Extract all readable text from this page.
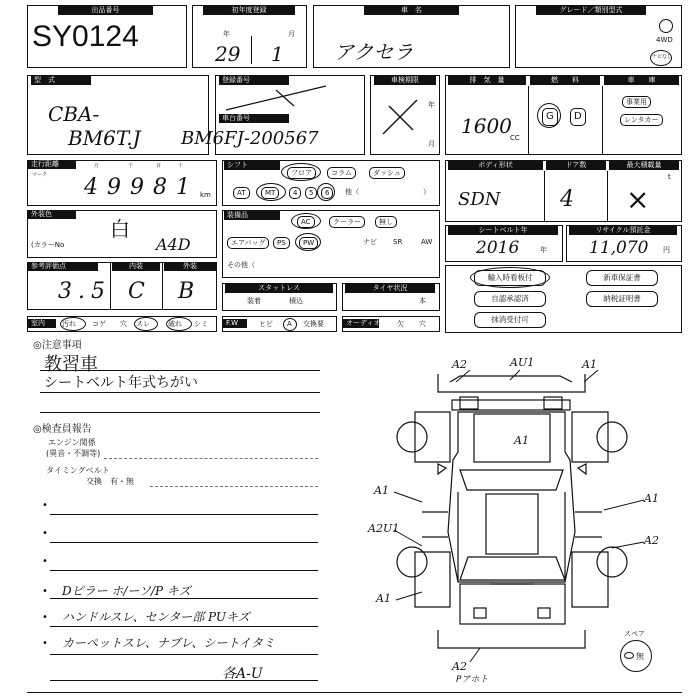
出品番号
SY0124
初年度登録
年	月
29 1
車　名
アクセラ
グレード／類別型式
4WD
ナビなし
型　式
CBA-
BM6T.J
登録番号
車台番号
BM6FJ-200567
車検期限
年
月
排　気　量	燃　　料	車　　庫
1600
CC
G	D
事業用
レンタカー
走行距離
マーク
万	千	百	十
km
49981
シフト
フロア	コラム	ダッシュ
AT	MT	4	5	6	他（	）
ボディ形状	ドア数	最大積載量
SDN	4
t
×
外装色
白
(カラーNo	A4D
装備品
AC	クーラー	無し
エアバッグ	PS	PW	ナビ SR	AW
その他（
シートベルト年
2016	年
リサイクル預託金
11,070 円
参考評価点	内装	外装
3.5 C B	スタットレス
装着	積込
タイヤ状況
本
輸入時看板付
自認承認済
抹消受付可
新車保証書
納税証明書
室内	汚れ コゲ 穴 スレ	破れ シミ	F.W	ヒビ A 交換要	オーディオ 欠 穴
◎注意事項
教習車
シートベルト年式ちがい
◎検査員報告
エンジン関係
(異音・不調等)
タイミングベルト
交換　有・無
•
•
•
• Dピラー ホ/ーソ/P キズ
• ハンドルスレ、センター部 PUキズ
• カーペットスレ、ナブレ、シートイタミ
各A-U
A2	AU1	A1
A1
A1
A1
A2U1
A2
A1
A2
Pアホト
スペア
無
